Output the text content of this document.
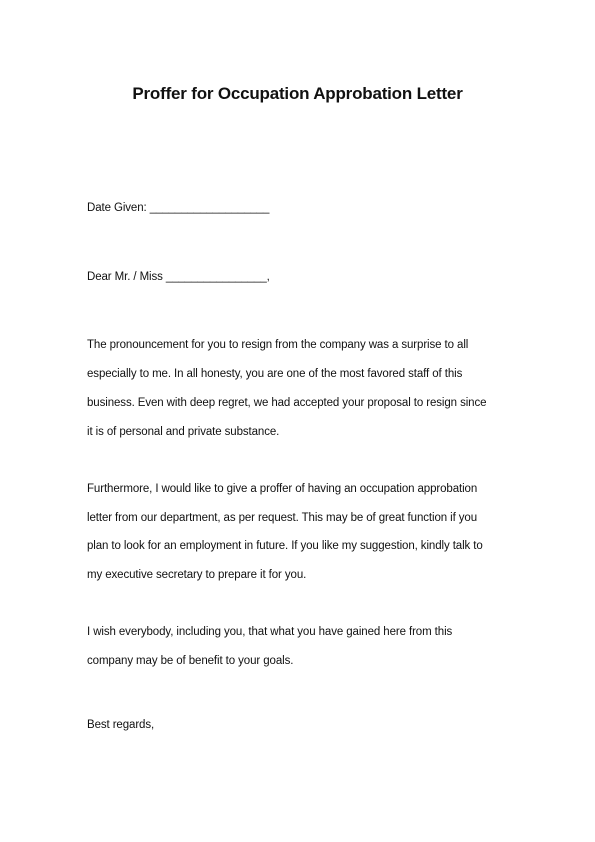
Proffer for Occupation Approbation Letter
Date Given: ___________________
Dear Mr. / Miss ________________,
The pronouncement for you to resign from the company was a surprise to all
especially to me. In all honesty, you are one of the most favored staff of this
business. Even with deep regret, we had accepted your proposal to resign since
it is of personal and private substance.
Furthermore, I would like to give a proffer of having an occupation approbation
letter from our department, as per request. This may be of great function if you
plan to look for an employment in future. If you like my suggestion, kindly talk to
my executive secretary to prepare it for you.
I wish everybody, including you, that what you have gained here from this
company may be of benefit to your goals.
Best regards,
